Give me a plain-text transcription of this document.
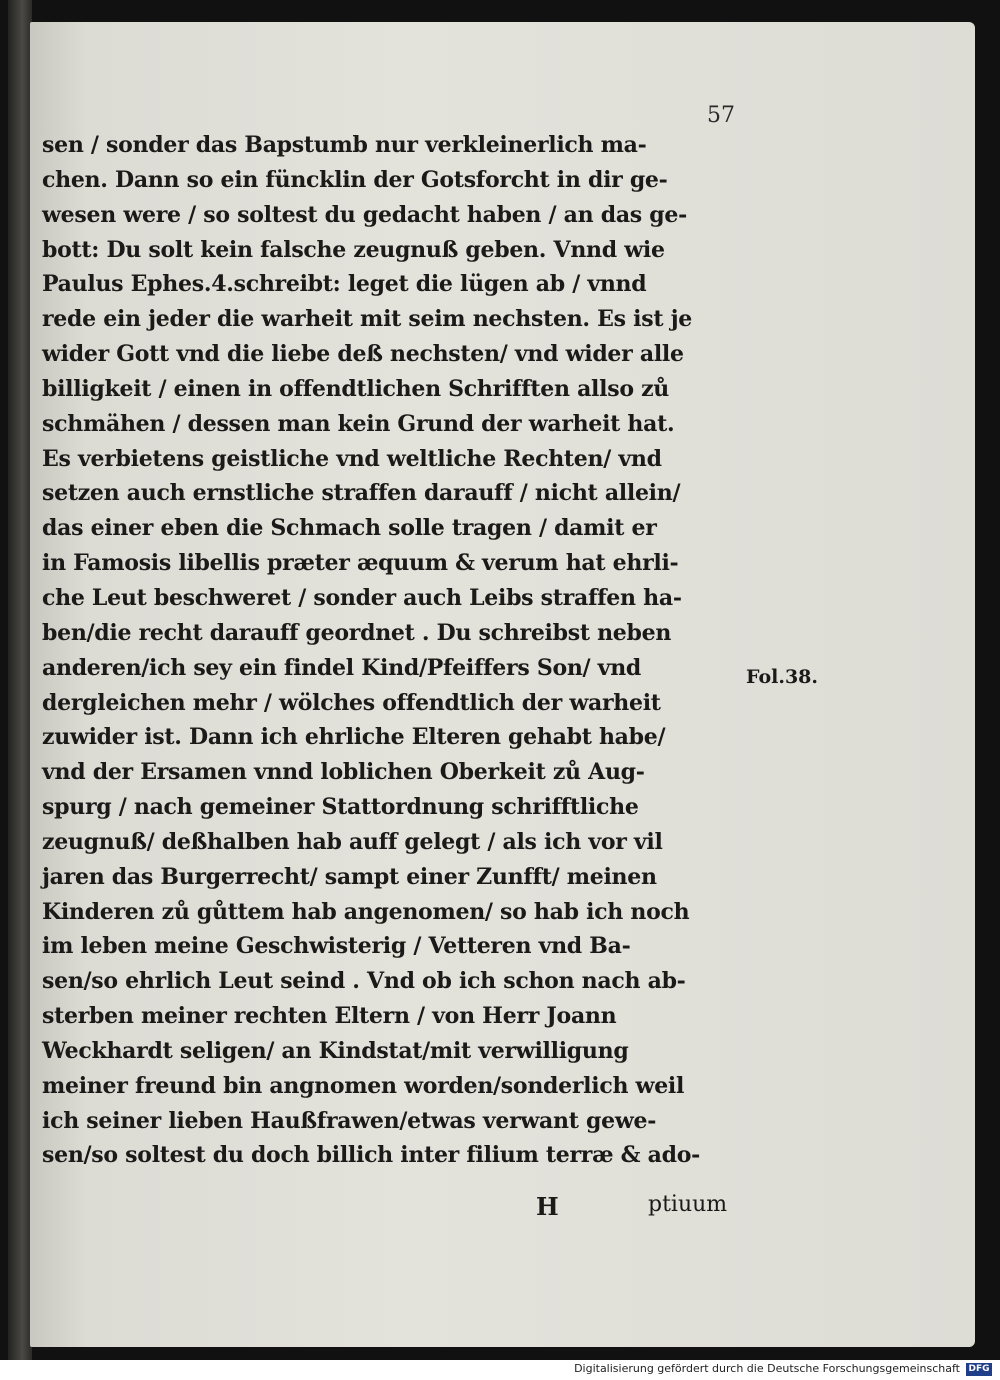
57
sen / sonder das Bapstumb nur verkleinerlich ma-
chen. Dann so ein füncklin der Gotsforcht in dir ge-
wesen were / so soltest du gedacht haben / an das ge-
bott: Du solt kein falsche zeugnuß geben. Vnnd wie
Paulus Ephes.4.schreibt: leget die lügen ab / vnnd
rede ein jeder die warheit mit seim nechsten. Es ist je
wider Gott vnd die liebe deß nechsten/ vnd wider alle
billigkeit / einen in offendtlichen Schrifften allso zů
schmähen / dessen man kein Grund der warheit hat.
Es verbietens geistliche vnd weltliche Rechten/ vnd
setzen auch ernstliche straffen darauff / nicht allein/
das einer eben die Schmach solle tragen / damit er
in Famosis libellis præter æquum & verum hat ehrli-
che Leut beschweret / sonder auch Leibs straffen ha-
ben/die recht darauff geordnet . Du schreibst neben
anderen/ich sey ein findel Kind/Pfeiffers Son/ vnd
dergleichen mehr / wölches offendtlich der warheit
zuwider ist. Dann ich ehrliche Elteren gehabt habe/
vnd der Ersamen vnnd loblichen Oberkeit zů Aug-
spurg / nach gemeiner Stattordnung schrifftliche
zeugnuß/ deßhalben hab auff gelegt / als ich vor vil
jaren das Burgerrecht/ sampt einer Zunfft/ meinen
Kinderen zů gůttem hab angenomen/ so hab ich noch
im leben meine Geschwisterig / Vetteren vnd Ba-
sen/so ehrlich Leut seind . Vnd ob ich schon nach ab-
sterben meiner rechten Eltern / von Herr Joann
Weckhardt seligen/ an Kindstat/mit verwilligung
meiner freund bin angnomen worden/sonderlich weil
ich seiner lieben Haußfrawen/etwas verwant gewe-
sen/so soltest du doch billich inter filium terræ & ado-
Fol.38.
H	ptiuum
Digitalisierung gefördert durch die Deutsche Forschungsgemeinschaft DFG
